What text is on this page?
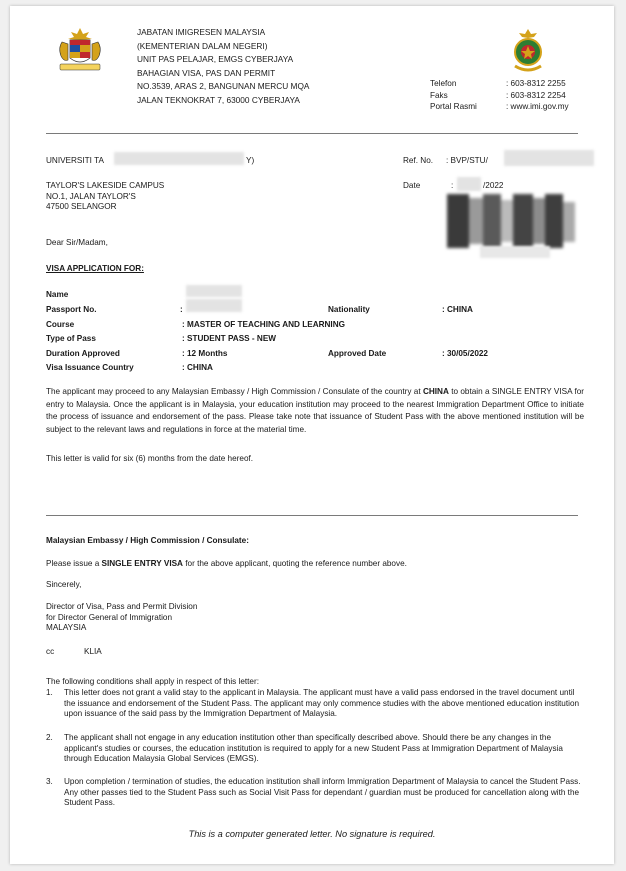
JABATAN IMIGRESEN MALAYSIA
(KEMENTERIAN DALAM NEGERI)
UNIT PAS PELAJAR, EMGS CYBERJAYA
BAHAGIAN VISA, PAS DAN PERMIT
NO.3539, ARAS 2, BANGUNAN MERCU MQA
JALAN TEKNOKRAT 7, 63000 CYBERJAYA
Telefon	: 603-8312 2255
Faks	: 603-8312 2254
Portal Rasmi	: www.imi.gov.my
UNIVERSITI TA	Y)	Ref. No. : BVP/STU/
TAYLOR'S LAKESIDE CAMPUS
NO.1, JALAN TAYLOR'S
47500 SELANGOR
Date	:	/2022
Dear Sir/Madam,
VISA APPLICATION FOR:
Name
Passport No.	:	Nationality	: CHINA
Course	: MASTER OF TEACHING AND LEARNING
Type of Pass	: STUDENT PASS - NEW
Duration Approved	: 12 Months	Approved Date	: 30/05/2022
Visa Issuance Country	: CHINA
The applicant may proceed to any Malaysian Embassy / High Commission / Consulate of the country at CHINA to obtain a SINGLE ENTRY VISA for entry to Malaysia. Once the applicant is in Malaysia, your education institution may proceed to the nearest Immigration Department Office to initiate the process of issuance and endorsement of the pass. Please take note that issuance of Student Pass with the above mentioned institution will be subject to the relevant laws and regulations in force at the material time.
This letter is valid for six (6) months from the date hereof.
Malaysian Embassy / High Commission / Consulate:
Please issue a SINGLE ENTRY VISA for the above applicant, quoting the reference number above.
Sincerely,
Director of Visa, Pass and Permit Division
for Director General of Immigration
MALAYSIA
cc	KLIA
The following conditions shall apply in respect of this letter:
1. This letter does not grant a valid stay to the applicant in Malaysia. The applicant must have a valid pass endorsed in the travel document until the issuance and endorsement of the Student Pass. The applicant may only commence studies with the above mentioned education institution upon issuance of the said pass by the Immigration Department of Malaysia.
2. The applicant shall not engage in any education institution other than specifically described above. Should there be any changes in the applicant's studies or courses, the education institution is required to apply for a new Student Pass at Immigration Department of Malaysia through Education Malaysia Global Services (EMGS).
3. Upon completion / termination of studies, the education institution shall inform Immigration Department of Malaysia to cancel the Student Pass. Any other passes tied to the Student Pass such as Social Visit Pass for dependant / guardian must be produced for cancellation along with the Student Pass.
This is a computer generated letter. No signature is required.
